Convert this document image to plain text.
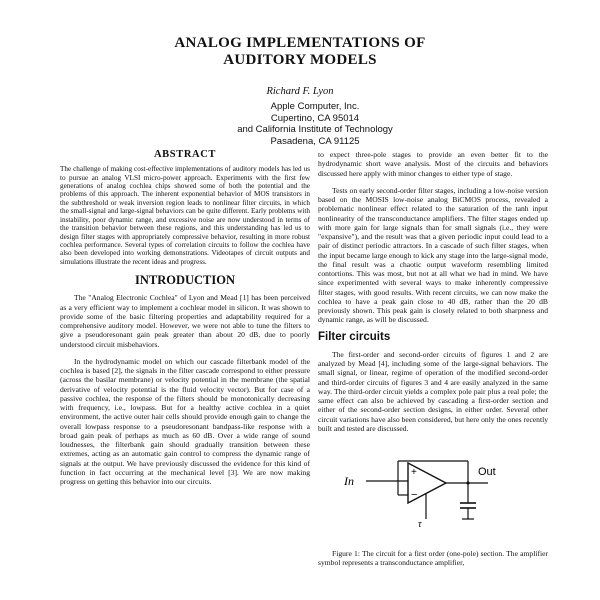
ANALOG IMPLEMENTATIONS OF
AUDITORY MODELS
Richard F. Lyon
Apple Computer, Inc.
Cupertino, CA 95014
and California Institute of Technology
Pasadena, CA 91125
ABSTRACT

The challenge of making cost-effective implementations of auditory models has led us to pursue an analog VLSI micro-power approach. Experiments with the first few generations of analog cochlea chips showed some of both the potential and the problems of this approach. The inherent exponential behavior of MOS transistors in the subthreshold or weak inversion region leads to nonlinear filter circuits, in which the small-signal and large-signal behaviors can be quite different. Early problems with instability, poor dynamic range, and excessive noise are now understood in terms of the transition behavior between these regions, and this understanding has led us to design filter stages with appropriately compressive behavior, resulting in more robust cochlea performance. Several types of correlation circuits to follow the cochlea have also been developed into working demonstrations. Videotapes of circuit outputs and simulations illustrate the recent ideas and progress.

INTRODUCTION

The "Analog Electronic Cochlea" of Lyon and Mead [1] has been perceived as a very efficient way to implement a cochlear model in silicon. It was shown to provide some of the basic filtering properties and adaptability required for a comprehensive auditory model. However, we were not able to tune the filters to give a pseudoresonant gain peak greater than about 20 dB, due to poorly understood circuit misbehaviors.

In the hydrodynamic model on which our cascade filterbank model of the cochlea is based [2], the signals in the filter cascade correspond to either pressure (across the basilar membrane) or velocity potential in the membrane (the spatial derivative of velocity potential is the fluid velocity vector). But for case of a passive cochlea, the response of the filters should be monotonically decreasing with frequency, i.e., lowpass. But for a healthy active cochlea in a quiet environment, the active outer hair cells should provide enough gain to change the overall lowpass response to a pseudoresonant bandpass-like response with a broad gain peak of perhaps as much as 60 dB. Over a wide range of sound loudnesses, the filterbank gain should gradually transition between these extremes, acting as an automatic gain control to compress the dynamic range of signals at the output. We have previously discussed the evidence for this kind of function in fact occurring at the mechanical level [3]. We are now making progress on getting this behavior into our circuits.

to expect three-pole stages to provide an even better fit to the hydrodynamic short wave analysis. Most of the circuits and behaviors discussed here apply with minor changes to either type of stage.

Tests on early second-order filter stages, including a low-noise version based on the MOSIS low-noise analog BiCMOS process, revealed a problematic nonlinear effect related to the saturation of the tanh input nonlinearity of the transconductance amplifiers. The filter stages ended up with more gain for large signals than for small signals (i.e., they were "expansive"), and the result was that a given periodic input could lead to a pair of distinct periodic attractors. In a cascade of such filter stages, when the input became large enough to kick any stage into the large-signal mode, the final result was a chaotic output waveform resembling limited contortions. This was most, but not at all what we had in mind. We have since experimented with several ways to make inherently compressive filter stages, with good results. With recent circuits, we can now make the cochlea to have a peak gain close to 40 dB, rather than the 20 dB previously shown. This peak gain is closely related to both sharpness and dynamic range, as will be discussed.

Filter circuits

The first-order and second-order circuits of figures 1 and 2 are analyzed by Mead [4], including some of the large-signal behaviors. The small signal, or linear, regime of operation of the modified second-order and third-order circuits of figures 3 and 4 are easily analyzed in the same way. The third-order circuit yields a complex pole pair plus a real pole; the same effect can also be achieved by cascading a first-order section and either of the second-order section designs, in either order. Several other circuit variations have also been considered, but here only the ones recently built and tested are discussed.

+
−
τ
In
Out

Figure 1: The circuit for a first order (one-pole) section. The amplifier symbol represents a transconductance amplifier,
